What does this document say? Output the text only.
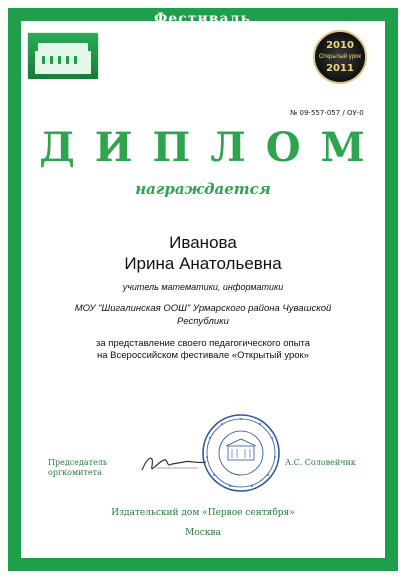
Фестиваль
педагогических идей
«Открытый урок»	2010
Открытый урок
2011
№ 09-557-057 / ОУ-0
ДИПЛОМ
награждается
Иванова
Ирина Анатольевна
учитель математики, информатики
МОУ "Шигалинская ООШ" Урмарского района Чувашской
Республики
за представление своего педагогического опыта
на Всероссийском фестивале «Открытый урок»
Председатель
оргкомитета
А.С. Соловейчик
Издательский дом «Первое сентября»
Москва
